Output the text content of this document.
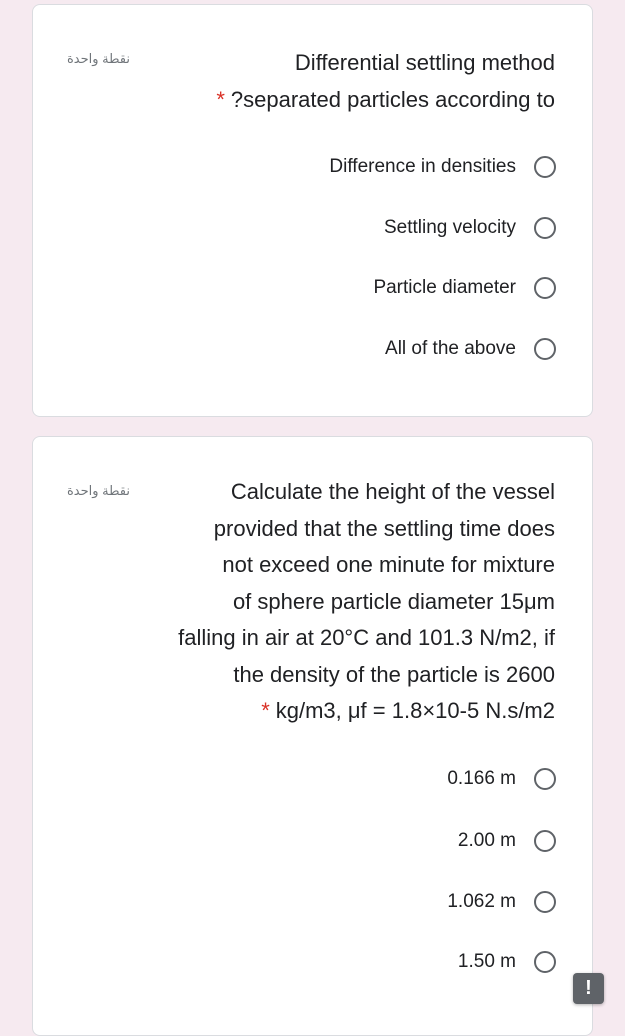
نقطة واحدة	Differential settling method
* ?separated particles according to
Difference in densities
Settling velocity
Particle diameter
All of the above
نقطة واحدة	Calculate the height of the vessel
provided that the settling time does
not exceed one minute for mixture
of sphere particle diameter 15μm
falling in air at 20°C and 101.3 N/m2, if
the density of the particle is 2600
* kg/m3, μf = 1.8×10-5 N.s/m2
0.166 m
2.00 m
1.062 m
1.50 m
!
